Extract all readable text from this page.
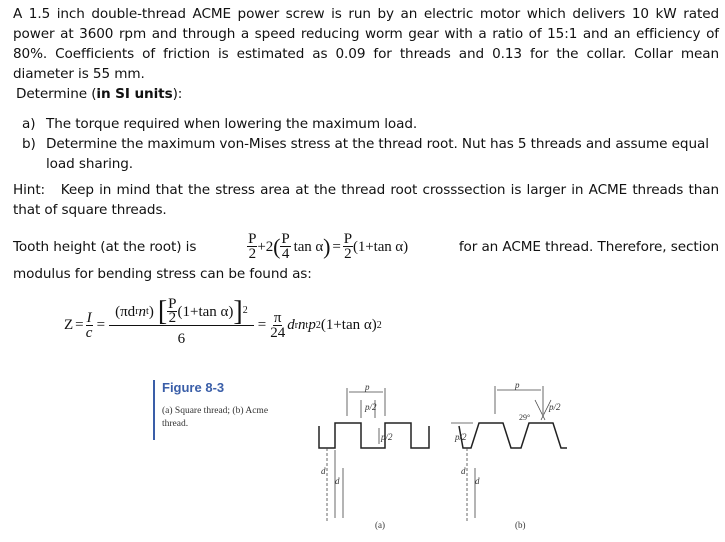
A 1.5 inch double-thread ACME power screw is run by an electric motor which delivers 10 kW rated power at 3600 rpm and through a speed reducing worm gear with a ratio of 15:1 and an efficiency of 80%. Coefficients of friction is estimated as 0.09 for threads and 0.13 for the collar. Collar mean diameter is 55 mm.
Determine (in SI units):
a) The torque required when lowering the maximum load.
b) Determine the maximum von-Mises stress at the thread root. Nut has 5 threads and assume equal load sharing.
Hint: Keep in mind that the stress area at the thread root crosssection is larger in ACME threads than that of square threads.
Tooth height (at the root) is	$\frac{P}{2} +2$ ( $\frac{P}{4}$ tan α ) = $\frac{P}{2}$ ( 1+ tan α )	for an ACME thread. Therefore, section
modulus for bending stress can be found as:
$Z = \frac{I}{c} = \frac{(\pi d r n t ) [ \frac{P}{2} ( 1+ \tan \alpha ) ] 2}{6} = \frac{\pi}{24}$ d r n t p 2 ( 1+ tan α ) 2
Figure 8-3
(a) Square thread; (b) Acme thread.
p
p/2
p/2
d
d
p
p/2
29°
p/2
d
d
(a)	(b)
